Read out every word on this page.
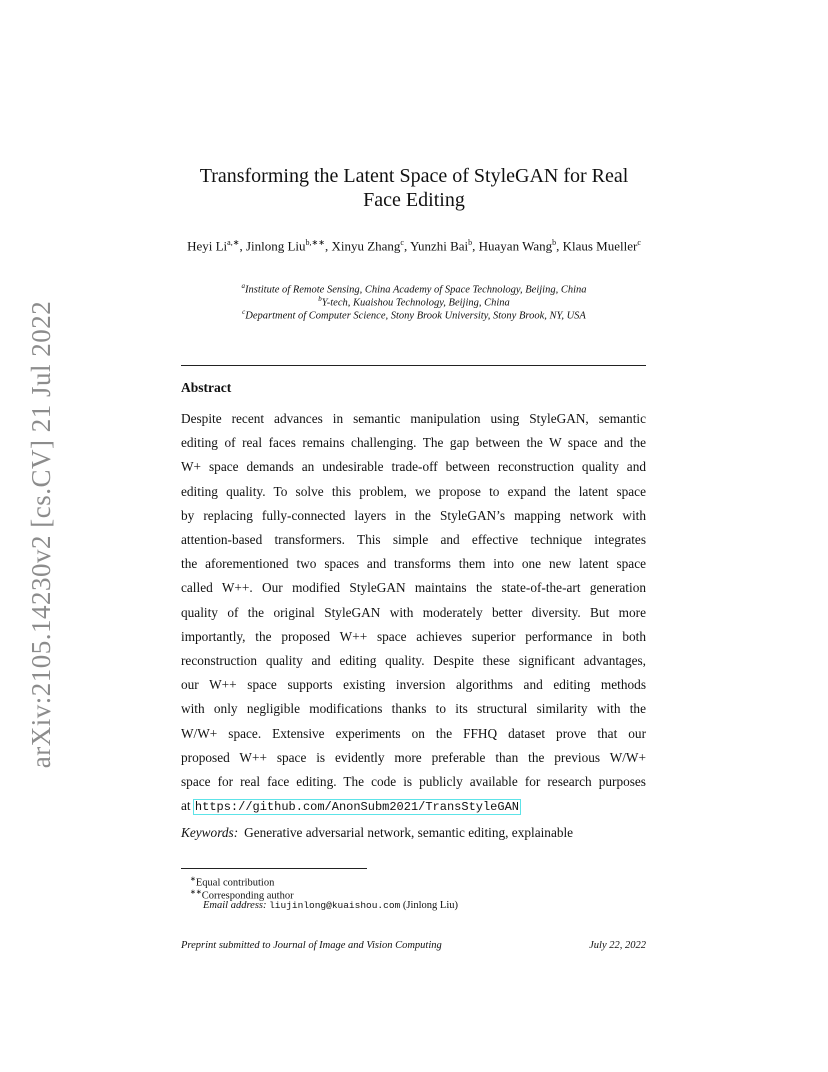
arXiv:2105.14230v2 [cs.CV] 21 Jul 2022
Transforming the Latent Space of StyleGAN for Real
Face Editing
Heyi $Li^{a,∗}$, Jinlong Liu$^{b,∗∗}$, Xinyu Zhang$^c$, Yunzhi Bai$^b$, Huayan Wang$^b$, Klaus Mueller$^c$
$^a$Institute of Remote Sensing, China Academy of Space Technology, Beijing, China
$^b$Y-tech, Kuaishou Technology, Beijing, China
$^c$Department of Computer Science, Stony Brook University, Stony Brook, NY, USA
Abstract
Despite recent advances in semantic manipulation using StyleGAN, semantic
editing of real faces remains challenging. The gap between the W space and the
W+ space demands an undesirable trade-off between reconstruction quality and
editing quality. To solve this problem, we propose to expand the latent space
by replacing fully-connected layers in the StyleGAN’s mapping network with
attention-based transformers. This simple and effective technique integrates
the aforementioned two spaces and transforms them into one new latent space
called W++. Our modified StyleGAN maintains the state-of-the-art generation
quality of the original StyleGAN with moderately better diversity. But more
importantly, the proposed W++ space achieves superior performance in both
reconstruction quality and editing quality. Despite these significant advantages,
our W++ space supports existing inversion algorithms and editing methods
with only negligible modifications thanks to its structural similarity with the
W/W+ space. Extensive experiments on the FFHQ dataset prove that our
proposed W++ space is evidently more preferable than the previous W/W+
space for real face editing. The code is publicly available for research purposes
at https://github.com/AnonSubm2021/TransStyleGAN
Keywords: Generative adversarial network, semantic editing, explainable
∗Equal contribution
∗∗Corresponding author
Email address: liujinlong@kuaishou.com (Jinlong Liu)
Preprint submitted to Journal of Image and Vision Computing	July 22, 2022
